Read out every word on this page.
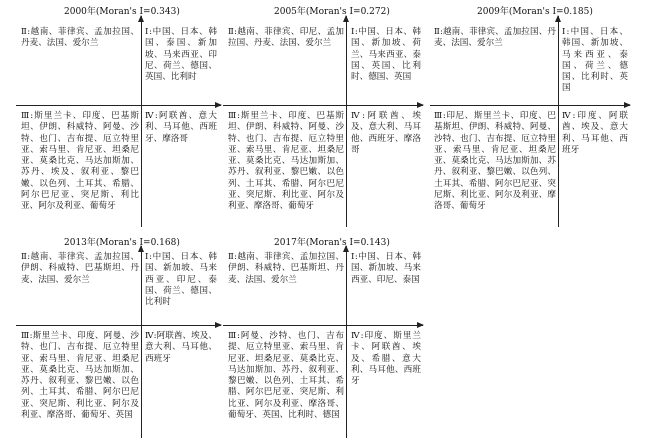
2000年(Moran's I=0.343)
Ⅱ:越南、菲律宾、孟加拉国、丹麦、法国、爱尔兰
Ⅰ:中国、日本、韩国、泰国、新加坡、马来西亚、印尼、荷兰、德国、英国、比利时
Ⅲ:斯里兰卡、印度、巴基斯坦、伊朗、科威特、阿曼、沙特、也门、吉布提、厄立特里亚、索马里、肯尼亚、坦桑尼亚、莫桑比克、马达加斯加、苏丹、埃及、叙利亚、黎巴嫩、以色列、土耳其、希腊、阿尔巴尼亚、突尼斯、利比亚、阿尔及利亚、葡萄牙
Ⅳ:阿联酋、意大利、马耳他、西班牙、摩洛哥
2005年(Moran's I=0.272)
Ⅱ:越南、菲律宾、印尼、孟加拉国、丹麦、法国、爱尔兰
Ⅰ:中国、日本、韩国、新加坡、荷兰、马来西亚、泰国、英国、比利时、德国、英国
Ⅲ:斯里兰卡、印度、巴基斯坦、伊朗、科威特、阿曼、沙特、也门、吉布提、厄立特里亚、索马里、肯尼亚、坦桑尼亚、莫桑比克、马达加斯加、苏丹、叙利亚、黎巴嫩、以色列、土耳其、希腊、阿尔巴尼亚、突尼斯、利比亚、阿尔及利亚、摩洛哥、葡萄牙
Ⅳ:阿联酋、埃及、意大利、马耳他、西班牙、摩洛哥
2009年(Moran's I=0.185)
Ⅱ:越南、菲律宾、孟加拉国、丹麦、法国、爱尔兰
Ⅰ:中国、日本、韩国、新加坡、马来西亚、泰国、荷兰、德国、比利时、英国
Ⅲ:印尼、斯里兰卡、印度、巴基斯坦、伊朗、科威特、阿曼、沙特、也门、吉布提、厄立特里亚、索马里、肯尼亚、坦桑尼亚、莫桑比克、马达加斯加、苏丹、叙利亚、黎巴嫩、以色列、土耳其、希腊、阿尔巴尼亚、突尼斯、利比亚、阿尔及利亚、摩洛哥、葡萄牙
Ⅳ:印度、阿联酋、埃及、意大利、马耳他、西班牙
2013年(Moran's I=0.168)
Ⅱ:越南、菲律宾、孟加拉国、伊朗、科威特、巴基斯坦、丹麦、法国、爱尔兰
Ⅰ:中国、日本、韩国、新加坡、马来西亚、印尼、泰国、荷兰、德国、比利时
Ⅲ:斯里兰卡、印度、阿曼、沙特、也门、吉布提、厄立特里亚、索马里、肯尼亚、坦桑尼亚、莫桑比克、马达加斯加、苏丹、叙利亚、黎巴嫩、以色列、土耳其、希腊、阿尔巴尼亚、突尼斯、利比亚、阿尔及利亚、摩洛哥、葡萄牙、英国
Ⅳ:阿联酋、埃及、意大利、马耳他、西班牙
2017年(Moran's I=0.143)
Ⅱ:越南、菲律宾、孟加拉国、伊朗、科威特、巴基斯坦、丹麦、法国、爱尔兰
Ⅰ:中国、日本、韩国、新加坡、马来西亚、印尼、泰国
Ⅲ:阿曼、沙特、也门、吉布提、厄立特里亚、索马里、肯尼亚、坦桑尼亚、莫桑比克、马达加斯加、苏丹、叙利亚、黎巴嫩、以色列、土耳其、希腊、阿尔巴尼亚、突尼斯、利比亚、阿尔及利亚、摩洛哥、葡萄牙、英国、比利时、德国
Ⅳ:印度、斯里兰卡、阿联酋、埃及、希腊、意大利、马耳他、西班牙
